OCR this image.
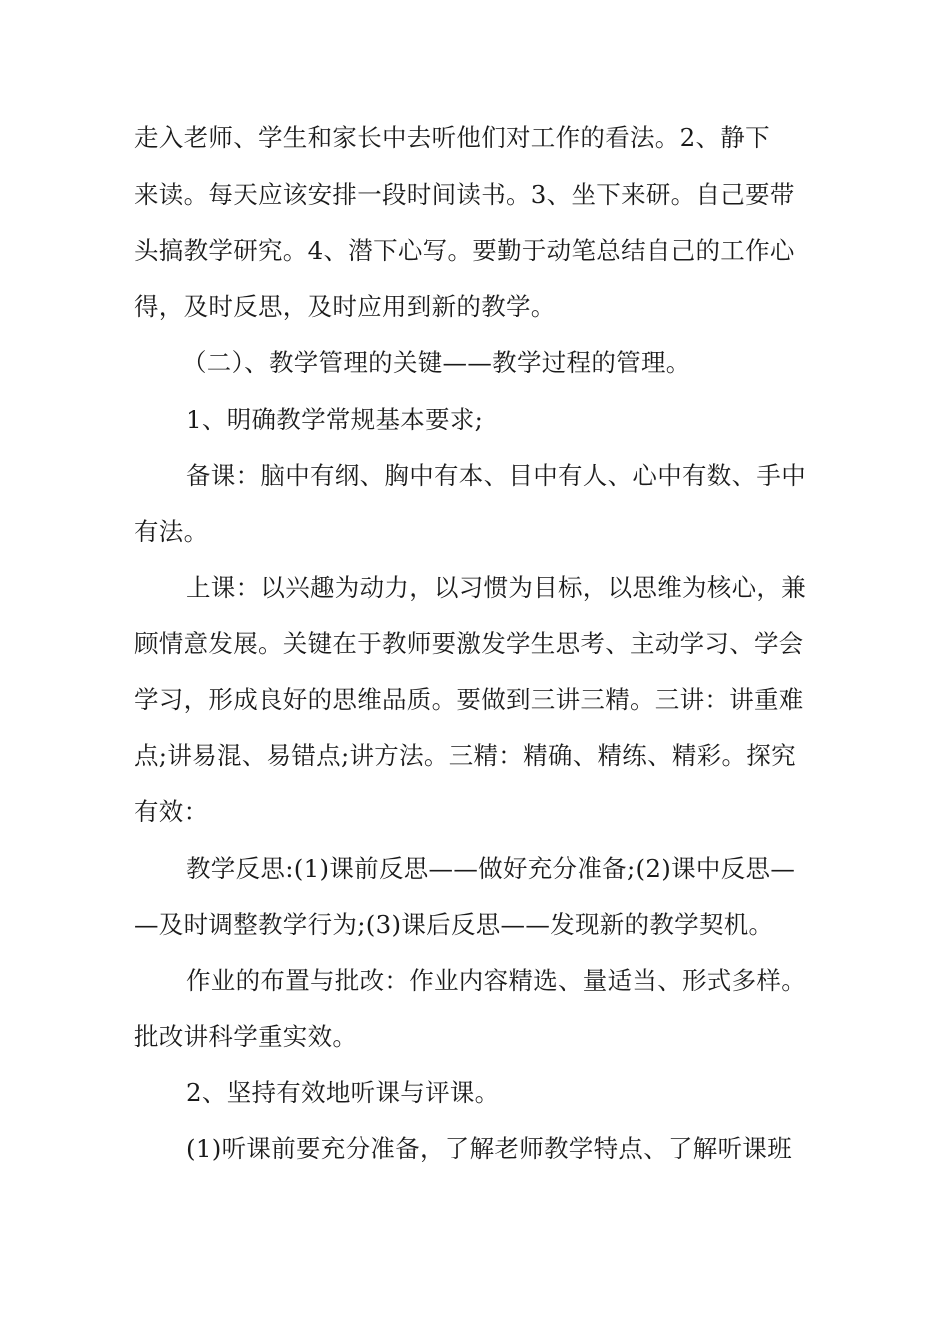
走入老师、学生和家长中去听他们对工作的看法。2、静下
来读。每天应该安排一段时间读书。3、坐下来研。自己要带
头搞教学研究。4、潜下心写。要勤于动笔总结自己的工作心
得，及时反思，及时应用到新的教学。
（二）、教学管理的关键——教学过程的管理。
1、明确教学常规基本要求;
备课：脑中有纲、胸中有本、目中有人、心中有数、手中
有法。
上课：以兴趣为动力，以习惯为目标，以思维为核心，兼
顾情意发展。关键在于教师要激发学生思考、主动学习、学会
学习，形成良好的思维品质。要做到三讲三精。三讲：讲重难
点;讲易混、易错点;讲方法。三精：精确、精练、精彩。探究
有效：
教学反思:(1)课前反思——做好充分准备;(2)课中反思—
—及时调整教学行为;(3)课后反思——发现新的教学契机。
作业的布置与批改：作业内容精选、量适当、形式多样。
批改讲科学重实效。
2、坚持有效地听课与评课。
(1)听课前要充分准备，了解老师教学特点、了解听课班
